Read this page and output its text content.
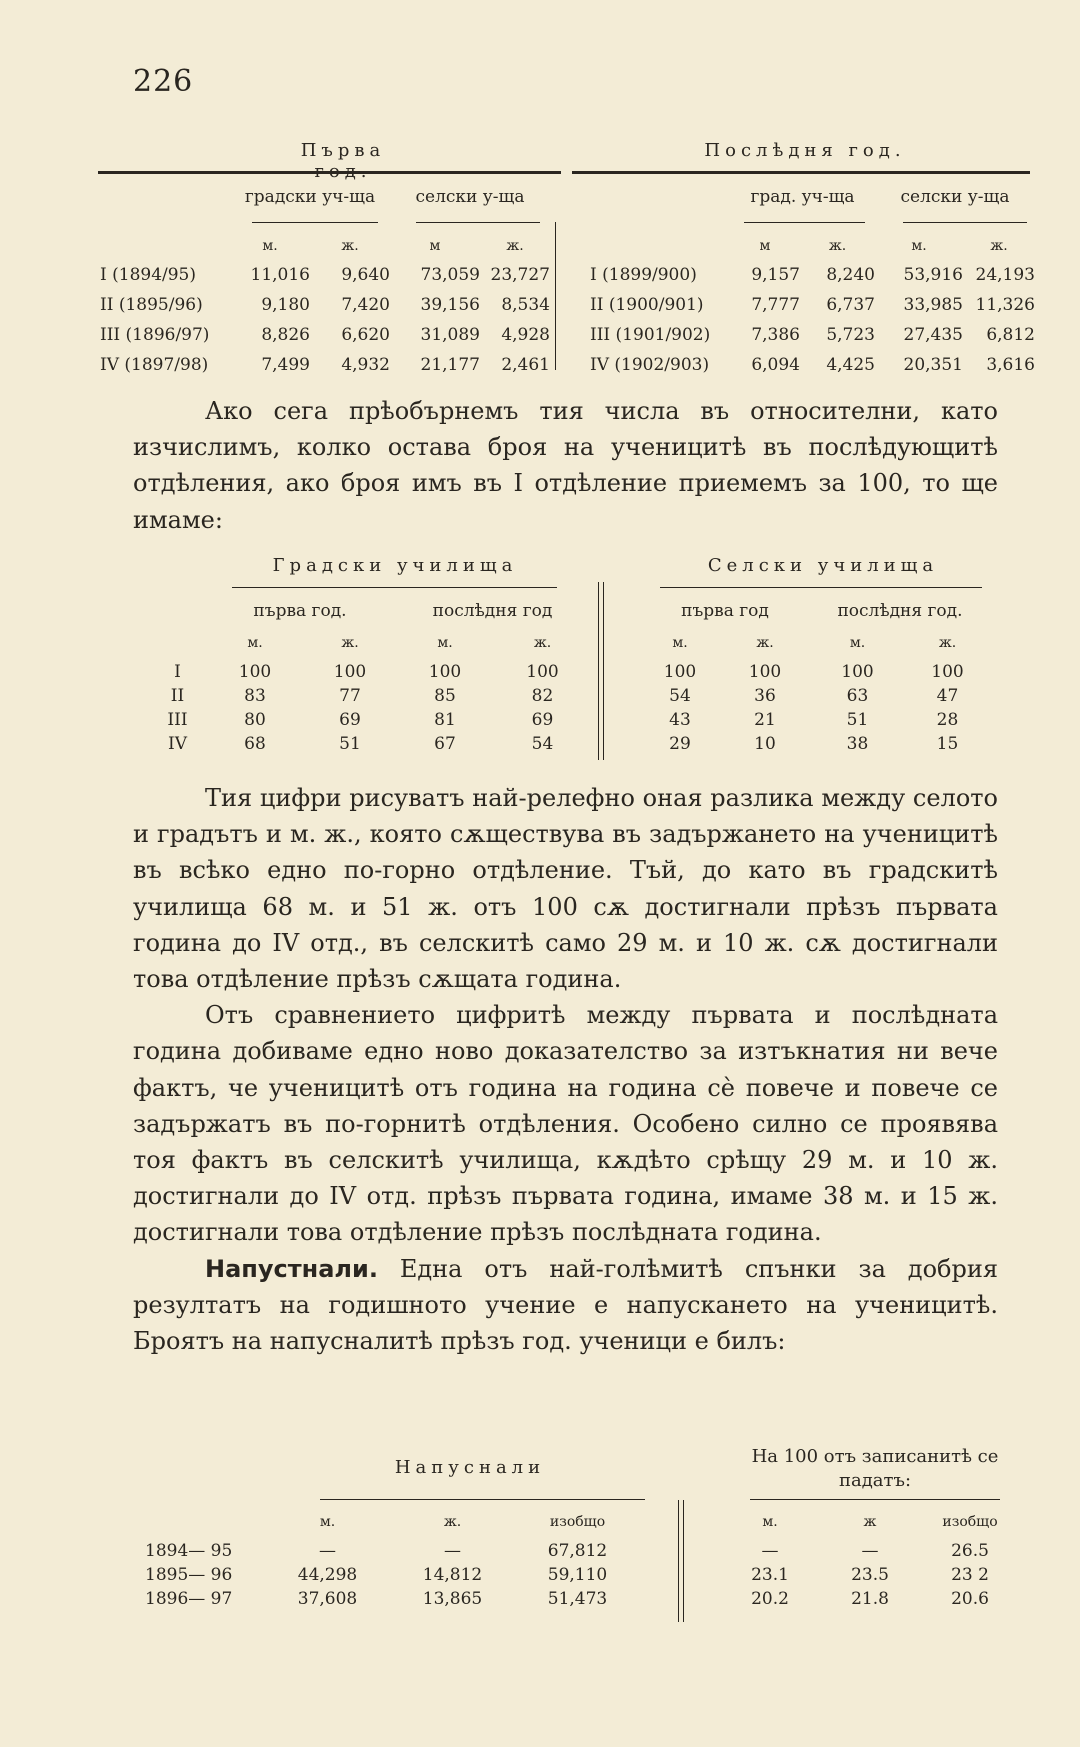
226
Първа год.
Послѣдня год.
	градски уч-ща		селски у-ща	

	м.	ж.	м	ж.
I (1894/95)	11,016	9,640	73,059	23,727
II (1895/96)	9,180	7,420	39,156	8,534
III (1896/97)	8,826	6,620	31,089	4,928
IV (1897/98)	7,499	4,932	21,177	2,461
	град. уч-ща		селски у-ща	

	м	ж.	м.	ж.
I (1899/900)	9,157	8,240	53,916	24,193
II (1900/901)	7,777	6,737	33,985	11,326
III (1901/902)	7,386	5,723	27,435	6,812
IV (1902/903)	6,094	4,425	20,351	3,616

Ако сега прѣобърнемъ тия числа въ относителни, като изчислимъ, колко остава броя на ученицитѣ въ послѣдующитѣ отдѣления, ако броя имъ въ I отдѣление приемемъ за 100, то ще имаме:

Градски училища	Селски училища
	първа год.		послѣдня год	
	м.	ж.	м.	ж.
I	100	100	100	100
II	83	77	85	82
III	80	69	81	69
IV	68	51	67	54
първа год		послѣдня год.	
м.	ж.	м.	ж.
100	100	100	100
54	36	63	47
43	21	51	28
29	10	38	15

Тия цифри рисуватъ най-релефно оная разлика между селото и градътъ и м. ж., която сѫществува въ задържането на ученицитѣ въ всѣко едно по-горно отдѣление. Тъй, до като въ градскитѣ училища 68 м. и 51 ж. отъ 100 сѫ достигнали прѣзъ първата година до IV отд., въ селскитѣ само 29 м. и 10 ж. сѫ достигнали това отдѣление прѣзъ сѫщата година.

Отъ сравнението цифритѣ между първата и послѣдната година добиваме едно ново доказателство за изтъкнатия ни вече фактъ, че ученицитѣ отъ година на година сѐ повече и повече се задържатъ въ по-горнитѣ отдѣления. Особено силно се проявява тоя фактъ въ селскитѣ училища, кѫдѣто срѣщу 29 м. и 10 ж. достигнали до IV отд. прѣзъ първата година, имаме 38 м. и 15 ж. достигнали това отдѣление прѣзъ послѣдната година.

Напустнали. Една отъ най-голѣмитѣ спънки за добрия резултатъ на годишното учение е напускането на ученицитѣ. Броятъ на напусналитѣ прѣзъ год. ученици е билъ:

Напуснали
На 100 отъ записанитѣ се падатъ:
	м.	ж.	изобщо
1894— 95	—	—	67,812
1895— 96	44,298	14,812	59,110
1896— 97	37,608	13,865	51,473
м.	ж	изобщо
—	—	26.5
23.1	23.5	23 2
20.2	21.8	20.6
